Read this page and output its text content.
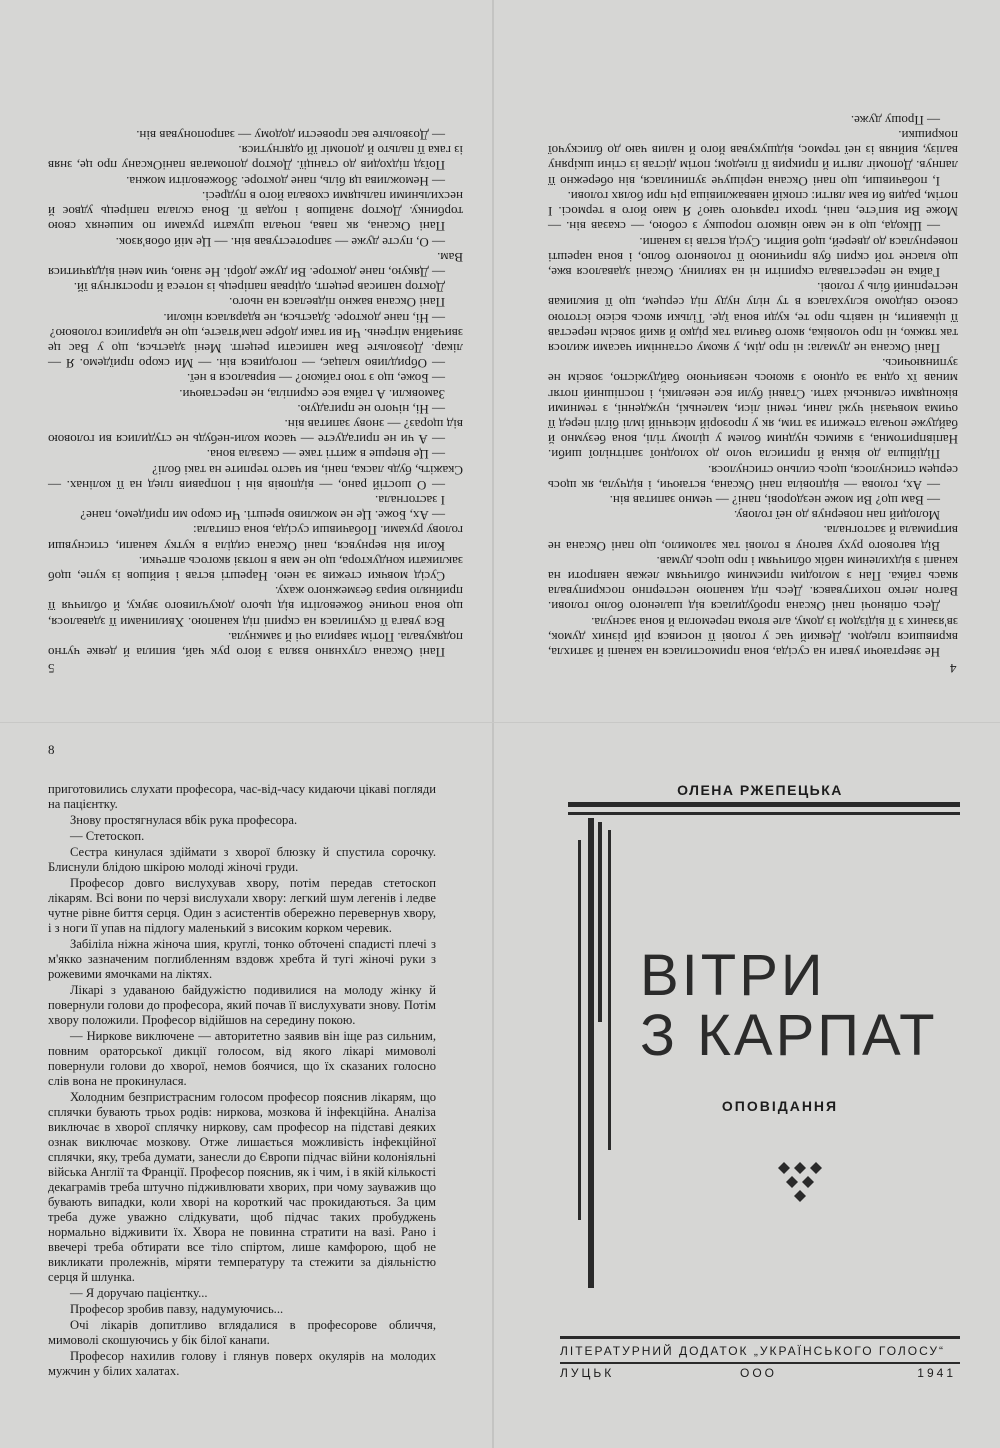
Не звертаючи уваги на сусіда, вона примостилася на канапі й затихла, вкрившися пледом. Деякий час у голові її носився рій різних думок, зв'язаних з її відїздом із дому, але втома перемогла й вона заснула.

Десь опівночі пані Оксана пробудилася від шаленого болю голови. Вагон легко похитувався. Десь під канапою нестерпно поскрипувала якась гайка. Пан з молодим приємним обличчям лежав навпроти на канапі з відхиленим набік обличчям і про щось думав.

Від вагового руху вагону в голові так заломило, що пані Оксана не витримала й застогнала.

Молодий пан повернув до неї голову.

— Вам що? Ви може нездорові, пані? — чемно запитав він.

— Ах, голова — відповіла пані Оксана, встаючи, і відчула, як щось серцем стиснулося, щось сильно стиснулося.

Підійшла до вікна й притисла чоло до холодної запітнілої шиби. Напівпритомна, з якимсь нудним болем у цілому тілі, вона безумно й байдуже почала стежити за тим, як у прозорій місячній імлі біглі перед її очима мовчазні чужі лани, темні ліси, маленькі, нужденні, з темними віконцями селянські хати. Ставні були все невеликі, і поспішний потяг минав їх одна за одною з якоюсь незвичною байдужістю, зовсім не зупиняючись.

Пані Оксана не думала: ні про дім, у якому останніми часами жилося так тяжко, ні про чоловіка, якого бачила так рідко й який зовсім перестав її цікавити, ні навіть про те, куди вона їде. Тільки якось всією істотою своєю свідомо вслухалася в ту нілу нуду під серцем, що її викликав нестерпний біль у голові.

Гайка не переставала скрипіти ні на хвилину. Оксані здавалося вже, що власне той скрип був причиною її головного болю, і вона нарешті повернулася до дверей, щоб вийти. Сусід встав із канапи.

— Шкода, що я не маю ніякого порошку з собою, — сказав він. — Може Ви вип'єте, пані, трохи гарячого чаю? Я маю його в термосі. І потім, радив би вам лягти: спокій навважливіша річ при болях голови.

І, побачивши, що пані Оксана нерішуче зупинилася, він обережно її лапнув. Допоміг лягти й прикрив її пледом; потім дістав із стіни шкіряну валізу, вийняв із неї термос, відшукував його й налив чаю до блискучої покришки.

— Прошу дуже.

4

Пані Оксана слухняно взяла з його рук чай, випила й деяке чутно подякувала. Потім заврила очі й замкнула.

Вся увага її скупилася на скрипі під канапою. Хвилинами її здавалося, що вона почине божеволіти від цього докучливого звуку, й обличчя її прийняло вираз безмежного жаху.

Сусід мовчки стежив за нею. Нарешті встав і вийшов із купе, щоб закликати кондуктора, що не мав в потязі якогось аптечки.

Коли він вернувся, пані Оксана сиділа в кутку канапи, стиснувши голову руками. Побачивши сусіда, вона спитала:

— Ах, Боже. Це не можливо врешті. Чи скоро ми приїдемо, пане?

І застогнала.

— О шостій рано, — відповів він і поправив плед на її колінах. — Скажіть, будь ласка, пані, ви часто терпите на такі болі?

— Це вперше в житті таке — сказала вона.

— А чи не пригадуєте — часом коли-небудь не студилися ви головою від щораз? — знову запитав він.

— Ні, нічого не пригадую.

Замовкли. А гайка все скрипіла, не перестаючи.

— Боже, що з тою гайкою? — вирвалося в неї.

— Обридливо клацає, — погодився він. — Ми скоро приїдемо. Я — лікар. Дозвольте Вам написати рецепт. Мені здається, що у Вас це звичайна мігрень. Чи ви таки добре пам'ятаєте, що не вдарилися головою?

— Ні, пане докторе. Здається, не вдарялася ніколи.

Пані Оксана важно підвелася на нього.

Доктор написав рецепт, одірвав папірець із нотеса й простягнув їй.

— Дякую, пане докторе. Ви дуже добрі. Не знаю, чим мені віддячитися Вам.

— О, пусте дуже — запротестував він. — Це мій обов'язок.

Пані Оксана, як пава, почала шукати руками по кишенях свою торбинку. Доктор знайшов і подав її. Вона склала папірець удвоє й несхильними пальцями сховала його в пудресі.

— Неможлива ця біль, пане докторе. Збожеволіти можна.

Поїзд підходив до станції. Доктор допомагав паніОксану про це, зняв із гака її пальто й допоміг їй одягнутися.

— Дозвольте вас провести додому — запропонував він.

5
8

приготовились слухати професора, час-від-часу кидаючи цікаві погляди на пацієнтку.

Знову простягнулася вбік рука професора.

— Стетоскоп.

Сестра кинулася здіймати з хворої блюзку й спустила сорочку. Блиснули блідою шкірою молоді жіночі груди.

Професор довго вислухував хвору, потім передав стетоскоп лікарям. Всі вони по черзі вислухали хвору: легкий шум легенів і ледве чутне рівне биття серця. Один з асистентів обережно перевернув хвору, і з ноги її упав на підлогу маленький з високим корком черевик.

Забіліла ніжна жіноча шия, круглі, тонко обточені спадисті плечі з м'якко зазначеним поглибленням вздовж хребта й тугі жіночі руки з рожевими ямочками на ліктях.

Лікарі з удаваною байдужістю подивилися на молоду жінку й повернули голови до професора, який почав її вислухувати знову. Потім хвору положили. Професор відійшов на середину покою.

— Ниркове виключене — авторитетно заявив він іще раз сильним, повним ораторської дикції голосом, від якого лікарі мимоволі повернули голови до хворої, немов боячися, що їх сказаних голосно слів вона не прокинулася.

Холодним безпристрасним голосом професор пояснив лікарям, що сплячки бувають трьох родів: ниркова, мозкова й інфекційна. Аналіза виключає в хворої сплячку ниркову, сам професор на підставі деяких ознак виключає мозкову. Отже лишається можливість інфекційної сплячки, яку, треба думати, занесли до Європи підчас війни колоніяльні війська Англії та Франції. Професор пояснив, як і чим, і в якій кількості декаграмів треба штучно підживлювати хворих, при чому зауважив що бувають випадки, коли хворі на короткий час прокидаються. За цим треба дуже уважно слідкувати, щоб підчас таких пробуджень нормально відживити їх. Хвора не повинна стратити на вазі. Рано і ввечері треба обтирати все тіло спіртом, лише камфорою, щоб не викликати пролежнів, міряти температуру та стежити за діяльністю серця й шлунка.

— Я доручаю пацієнтку...

Професор зробив павзу, надумуючись...

Очі лікарів допитливо вглядалися в професорове обличчя, мимоволі скошуючись у бік білої канапи.

Професор нахилив голову і глянув поверх окулярів на молодих мужчин у білих халатах.

ОЛЕНА РЖЕПЕЦЬКА
ВІТРИ
З КАРПАТ
ОПОВІДАННЯ
ЛІТЕРАТУРНИЙ ДОДАТОК „УКРАЇНСЬКОГО ГОЛОСУ“
ЛУЦЬК	ООО	1941
